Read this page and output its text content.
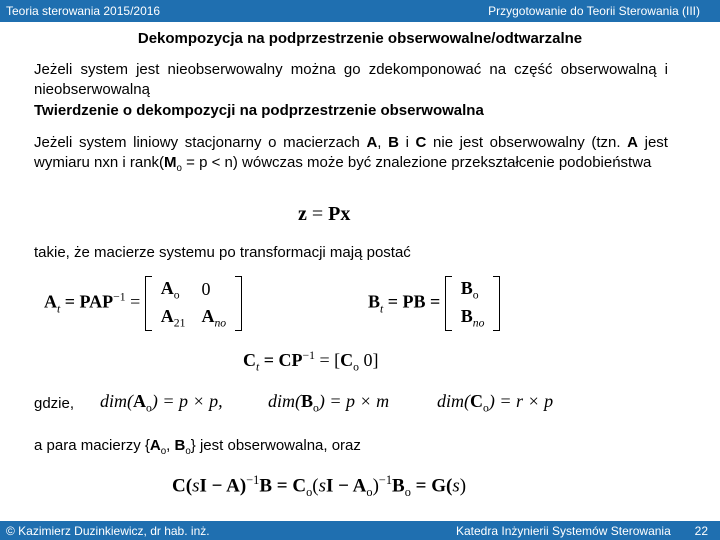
Teoria sterowania 2015/2016	Przygotowanie do Teorii Sterowania (III)
Dekompozycja na podprzestrzenie obserwowalne/odtwarzalne
Jeżeli system jest nieobserwowalny można go zdekomponować na część obserwowalną i nieobserwowalną
Twierdzenie o dekompozycji na podprzestrzenie obserwowalna
Jeżeli system liniowy stacjonarny o macierzach A, B i C nie jest obserwowalny (tzn. A jest wymiaru nxn i $rank(M_o = p < n)$ wówczas może być znalezione przekształcenie podobieństwa
z = Px
takie, że macierze systemu po transformacji mają postać
$A_t = PAP^{-1}$ =
$A_o$	0
$A_{21}$	$A_{no}$
$B_t$ = PB =
$B_o$
$B_{no}$
$C_t = CP^{-1} = [C_o$ 0]
gdzie,	$dim(A_o) = p \times p$,	$dim(B_o) = p \times m$	$dim(C_o) = r \times p$
a para macierzy {$A_o$, $B_o$} jest obserwowalna, oraz
$C(sI - A)^{-1}B = C_o(sI - A_o)^{-1}B_o = G(s)$
© Kazimierz Duzinkiewicz, dr hab. inż.	Katedra Inżynierii Systemów Sterowania 22
